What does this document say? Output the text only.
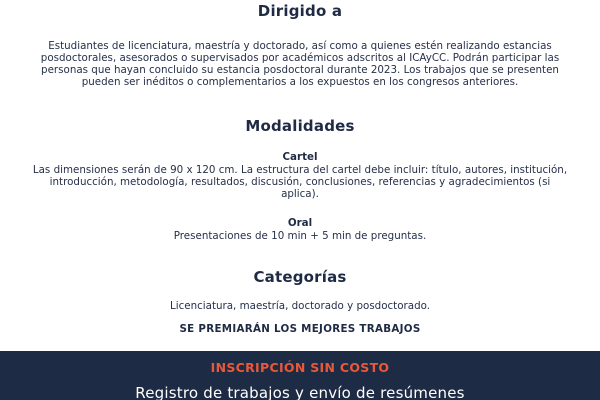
Dirigido a

Estudiantes de licenciatura, maestría y doctorado, así como a quienes estén realizando estancias posdoctorales, asesorados o supervisados por académicos adscritos al ICAyCC. Podrán participar las personas que hayan concluido su estancia posdoctoral durante 2023. Los trabajos que se presenten pueden ser inéditos o complementarios a los expuestos en los congresos anteriores.

Modalidades
Cartel

Las dimensiones serán de 90 x 120 cm. La estructura del cartel debe incluir: título, autores, institución, introducción, metodología, resultados, discusión, conclusiones, referencias y agradecimientos (si aplica).

Oral

Presentaciones de 10 min + 5 min de preguntas.

Categorías

Licenciatura, maestría, doctorado y posdoctorado.

SE PREMIARÁN LOS MEJORES TRABAJOS
INSCRIPCIÓN SIN COSTO
Registro de trabajos y envío de resúmenes
